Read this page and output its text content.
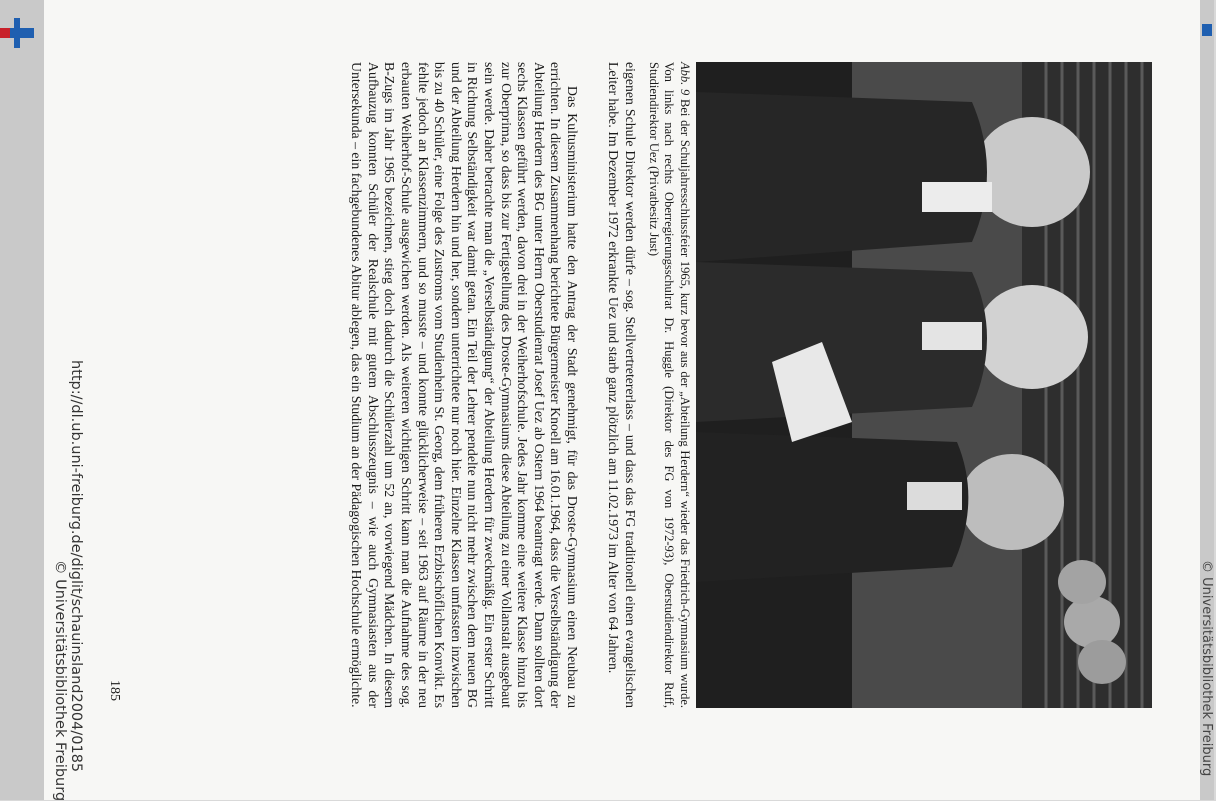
Abb. 9 Bei der Schuljahresschlussfeier 1965, kurz bevor aus der „Abteilung Herdern“ wieder das Friedrich-Gymnasium wurde. Von links nach rechts Oberregierungsschulrat Dr. Huggle (Direktor des FG von 1972-93), Oberstudiendirektor Ruff, Studiendirektor Uez (Privatbesitz Just)

eigenen Schule Direktor werden dürfe – sog. Stellvertretererlass – und dass das FG traditionell einen evangelischen Leiter habe. Im Dezember 1972 erkrankte Uez und starb ganz plötzlich am 11.02.1973 im Alter von 64 Jahren.

Das Kultusministerium hatte den Antrag der Stadt genehmigt, für das Droste-Gymnasium einen Neubau zu errichten. In diesem Zusammenhang berichtete Bürgermeister Knoell am 16.01.1964, dass die Verselbständigung der Abteilung Herdern des BG unter Herrn Oberstudienrat Josef Uez ab Ostern 1964 beantragt werde. Dann sollten dort sechs Klassen geführt werden, davon drei in der Weiherhofschule. Jedes Jahr komme eine weitere Klasse hinzu bis zur Oberprima, so dass bis zur Fertigstellung des Droste-Gymnasiums diese Abteilung zu einer Vollanstalt ausgebaut sein werde. Daher betrachte man die „Verselbständigung“ der Abteilung Herdern für zweckmäßig. Ein erster Schritt in Richtung Selbständigkeit war damit getan. Ein Teil der Lehrer pendelte nun nicht mehr zwischen dem neuen BG und der Abteilung Herdern hin und her, sondern unterrichtete nur noch hier. Einzelne Klassen umfassten inzwischen bis zu 40 Schüler, eine Folge des Zustroms vom Studienheim St. Georg, dem früheren Erzbischöflichen Konvikt. Es fehlte jedoch an Klassenzimmern, und so musste – und konnte glücklicherweise – seit 1963 auf Räume in der neu erbauten Weiherhof-Schule ausgewichen werden. Als weiteren wichtigen Schritt kann man die Aufnahme des sog. B-Zugs im Jahr 1965 bezeichnen, stieg doch dadurch die Schülerzahl um 52 an, vorwiegend Mädchen. In diesem Aufbauzug konnten Schüler der Realschule mit gutem Abschlusszeugnis – wie auch Gymnasiasten aus der Untersekunda – ein fachgebundenes Abitur ablegen, das ein Studium an der Pädagogischen Hochschule ermöglichte.

185
http://dl.ub.uni-freiburg.de/diglit/schauinsland2004/0185
© Universitätsbibliothek Freiburg	© Universitätsbibliothek Freiburg
